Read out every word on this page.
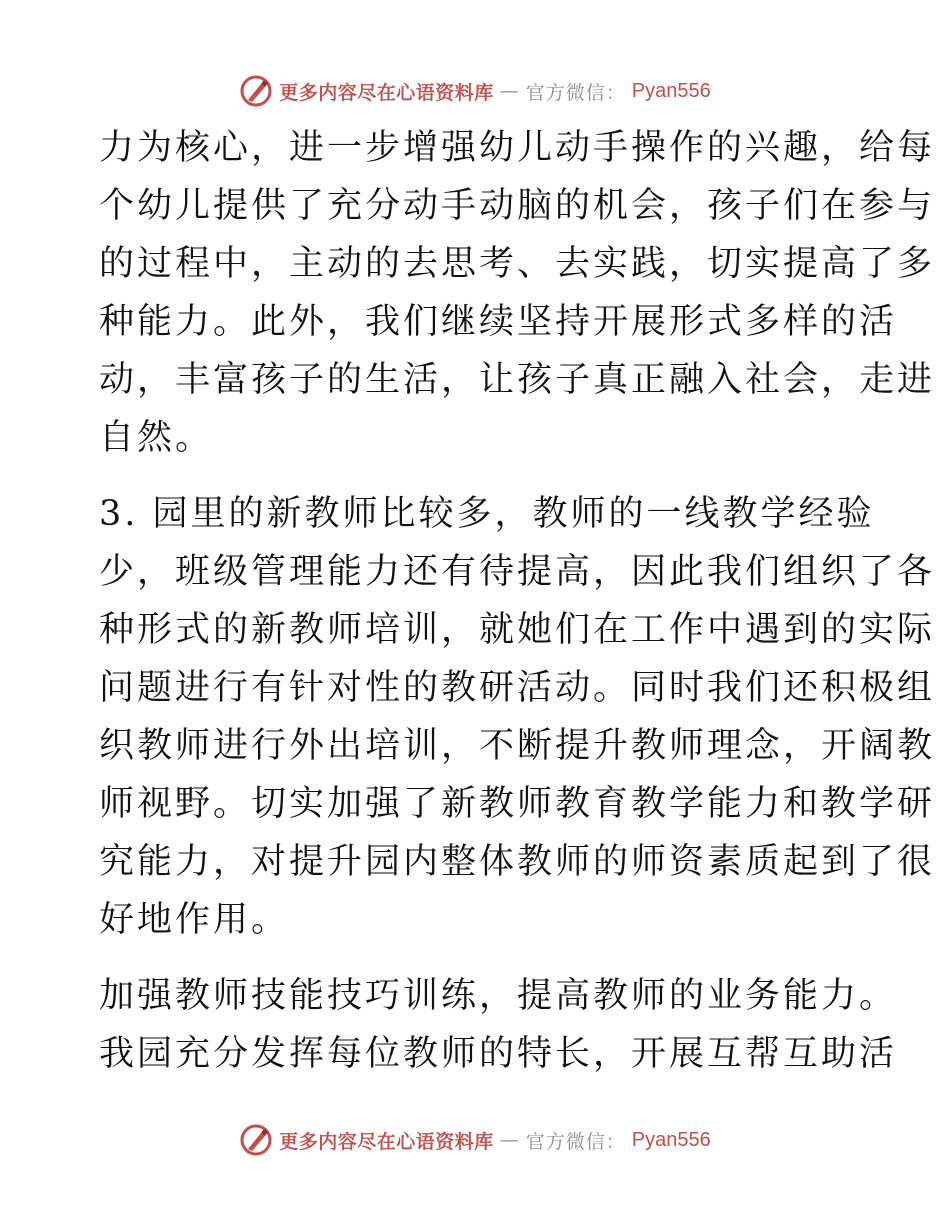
更多内容尽在心语资料库 — 官方微信： Pyan556
力为核心，进一步增强幼儿动手操作的兴趣，给每
个幼儿提供了充分动手动脑的机会，孩子们在参与
的过程中，主动的去思考、去实践，切实提高了多
种能力。此外，我们继续坚持开展形式多样的活
动，丰富孩子的生活，让孩子真正融入社会，走进
自然。
3. 园里的新教师比较多，教师的一线教学经验
少，班级管理能力还有待提高，因此我们组织了各
种形式的新教师培训，就她们在工作中遇到的实际
问题进行有针对性的教研活动。同时我们还积极组
织教师进行外出培训，不断提升教师理念，开阔教
师视野。切实加强了新教师教育教学能力和教学研
究能力，对提升园内整体教师的师资素质起到了很
好地作用。
加强教师技能技巧训练，提高教师的业务能力。
我园充分发挥每位教师的特长，开展互帮互助活
更多内容尽在心语资料库 — 官方微信： Pyan556
